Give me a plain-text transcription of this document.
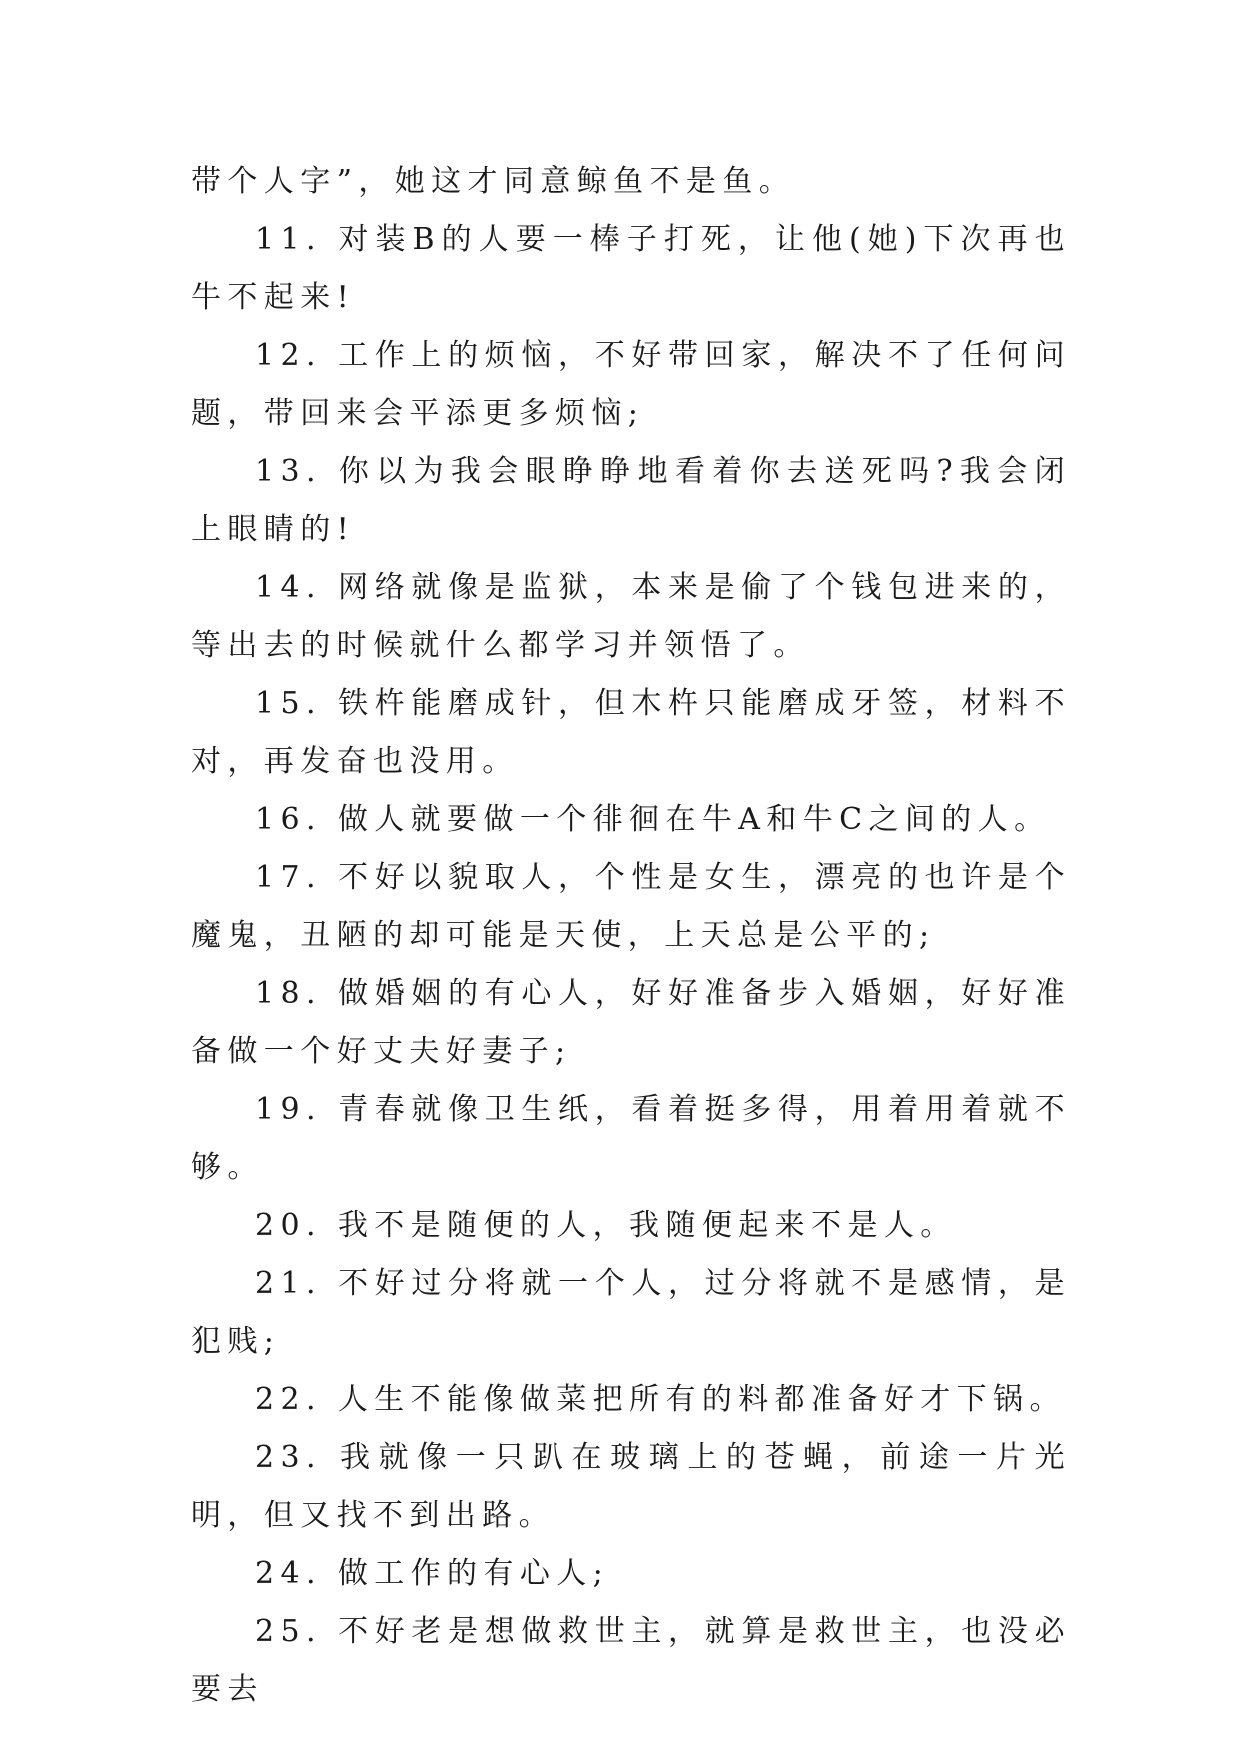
带个人字”，她这才同意鲸鱼不是鱼。

11. 对装B的人要一棒子打死，让他(她)下次再也牛不起来!

12. 工作上的烦恼，不好带回家，解决不了任何问题，带回来会平添更多烦恼;

13. 你以为我会眼睁睁地看着你去送死吗?我会闭上眼睛的!

14. 网络就像是监狱，本来是偷了个钱包进来的，等出去的时候就什么都学习并领悟了。

15. 铁杵能磨成针，但木杵只能磨成牙签，材料不对，再发奋也没用。

16. 做人就要做一个徘徊在牛A和牛C之间的人。

17. 不好以貌取人，个性是女生，漂亮的也许是个魔鬼，丑陋的却可能是天使，上天总是公平的;

18. 做婚姻的有心人，好好准备步入婚姻，好好准备做一个好丈夫好妻子;

19. 青春就像卫生纸，看着挺多得，用着用着就不够。

20. 我不是随便的人，我随便起来不是人。

21. 不好过分将就一个人，过分将就不是感情，是犯贱;

22. 人生不能像做菜把所有的料都准备好才下锅。

23. 我就像一只趴在玻璃上的苍蝇，前途一片光明，但又找不到出路。

24. 做工作的有心人;

25. 不好老是想做救世主，就算是救世主，也没必要去
